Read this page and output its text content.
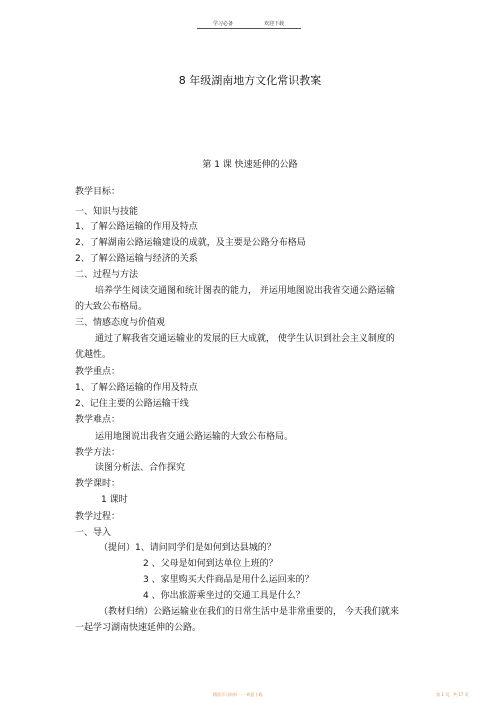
学习必备	欢迎下载
8 年级湖南地方文化常识教案
第 1 课 快速延伸的公路
教学目标：
一、知识与技能
1、了解公路运输的作用及特点
2、了解湖南公路运输建设的成就，及主要是公路分布格局
2、了解公路运输与经济的关系
二、过程与方法
培养学生阅读交通图和统计图表的能力， 并运用地图说出我省交通公路运输
的大致公布格局。
三、情感态度与价值观
通过了解我省交通运输业的发展的巨大成就， 使学生认识到社会主义制度的
优越性。
教学重点：
1、了解公路运输的作用及特点
2、记住主要的公路运输干线
教学难点：
运用地图说出我省交通公路运输的大致公布格局。
教学方法：
读图分析法、合作探究
教学课时：
1 课时
教学过程：
一、导入
（提问）1、请问同学们是如何到达县城的？
2 、父母是如何到达单位上班的？
3 、家里购买大件商品是用什么运回来的？
4 、你出旅游乘坐过的交通工具是什么？
（教材归纳）公路运输业在我们的日常生活中是非常重要的， 今天我们就来
一起学习湖南快速延伸的公路。
精选学习资料 - - - 欢迎下载	第 1 页，共 17 页
